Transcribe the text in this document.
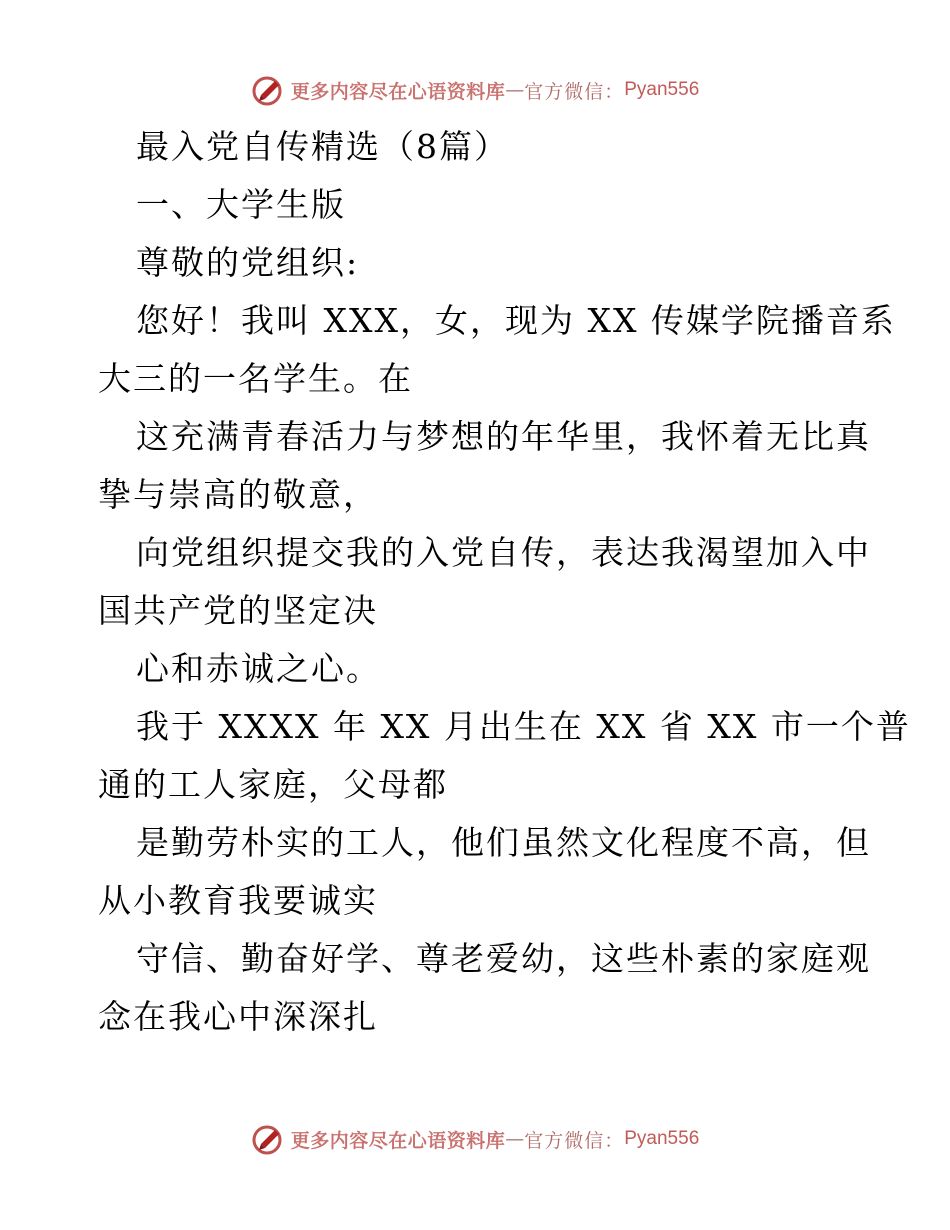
更多内容尽在心语资料库 — 官方微信： Pyan556
最入党自传精选（8篇）
一、大学生版
尊敬的党组织:
您好！我叫 XXX，女，现为 XX 传媒学院播音系
大三的一名学生。在
这充满青春活力与梦想的年华里，我怀着无比真
挚与崇高的敬意，
向党组织提交我的入党自传，表达我渴望加入中
国共产党的坚定决
心和赤诚之心。
我于 XXXX 年 XX 月出生在 XX 省 XX 市一个普
通的工人家庭，父母都
是勤劳朴实的工人，他们虽然文化程度不高，但
从小教育我要诚实
守信、勤奋好学、尊老爱幼，这些朴素的家庭观
念在我心中深深扎
更多内容尽在心语资料库 — 官方微信： Pyan556
